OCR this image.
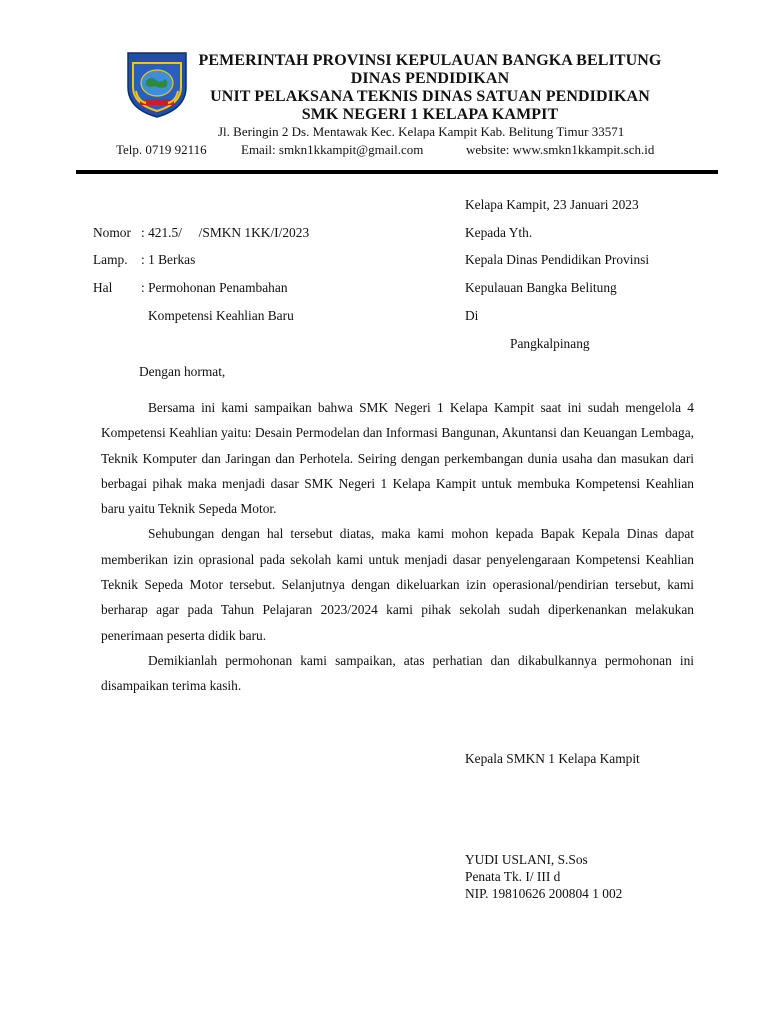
PEMERINTAH PROVINSI KEPULAUAN BANGKA BELITUNG
DINAS PENDIDIKAN
UNIT PELAKSANA TEKNIS DINAS SATUAN PENDIDIKAN
SMK NEGERI 1 KELAPA KAMPIT
Jl. Beringin 2 Ds. Mentawak Kec. Kelapa Kampit Kab. Belitung Timur 33571
Telp. 0719 92116	Email: smkn1kkampit@gmail.com	website: www.smkn1kkampit.sch.id
Kelapa Kampit, 23 Januari 2023
Nomor : 421.5/     /SMKN 1KK/I/2023
Lamp. : 1 Berkas
Hal : Permohonan Penambahan
Kompetensi Keahlian Baru
Kepada Yth.
Kepala Dinas Pendidikan Provinsi
Kepulauan Bangka Belitung
Di
Pangkalpinang
Dengan hormat,

Bersama ini kami sampaikan bahwa SMK Negeri 1 Kelapa Kampit saat ini sudah mengelola 4 Kompetensi Keahlian yaitu: Desain Permodelan dan Informasi Bangunan, Akuntansi dan Keuangan Lembaga, Teknik Komputer dan Jaringan dan Perhotela. Seiring dengan perkembangan dunia usaha dan masukan dari berbagai pihak maka menjadi dasar SMK Negeri 1 Kelapa Kampit untuk membuka Kompetensi Keahlian baru yaitu Teknik Sepeda Motor.

Sehubungan dengan hal tersebut diatas, maka kami mohon kepada Bapak Kepala Dinas dapat memberikan izin oprasional pada sekolah kami untuk menjadi dasar penyelengaraan Kompetensi Keahlian Teknik Sepeda Motor tersebut. Selanjutnya dengan dikeluarkan izin operasional/pendirian tersebut, kami berharap agar pada Tahun Pelajaran 2023/2024 kami pihak sekolah sudah diperkenankan melakukan penerimaan peserta didik baru.

Demikianlah permohonan kami sampaikan, atas perhatian dan dikabulkannya permohonan ini disampaikan terima kasih.

Kepala SMKN 1 Kelapa Kampit
YUDI USLANI, S.Sos
Penata Tk. I/ III d
NIP. 19810626 200804 1 002
